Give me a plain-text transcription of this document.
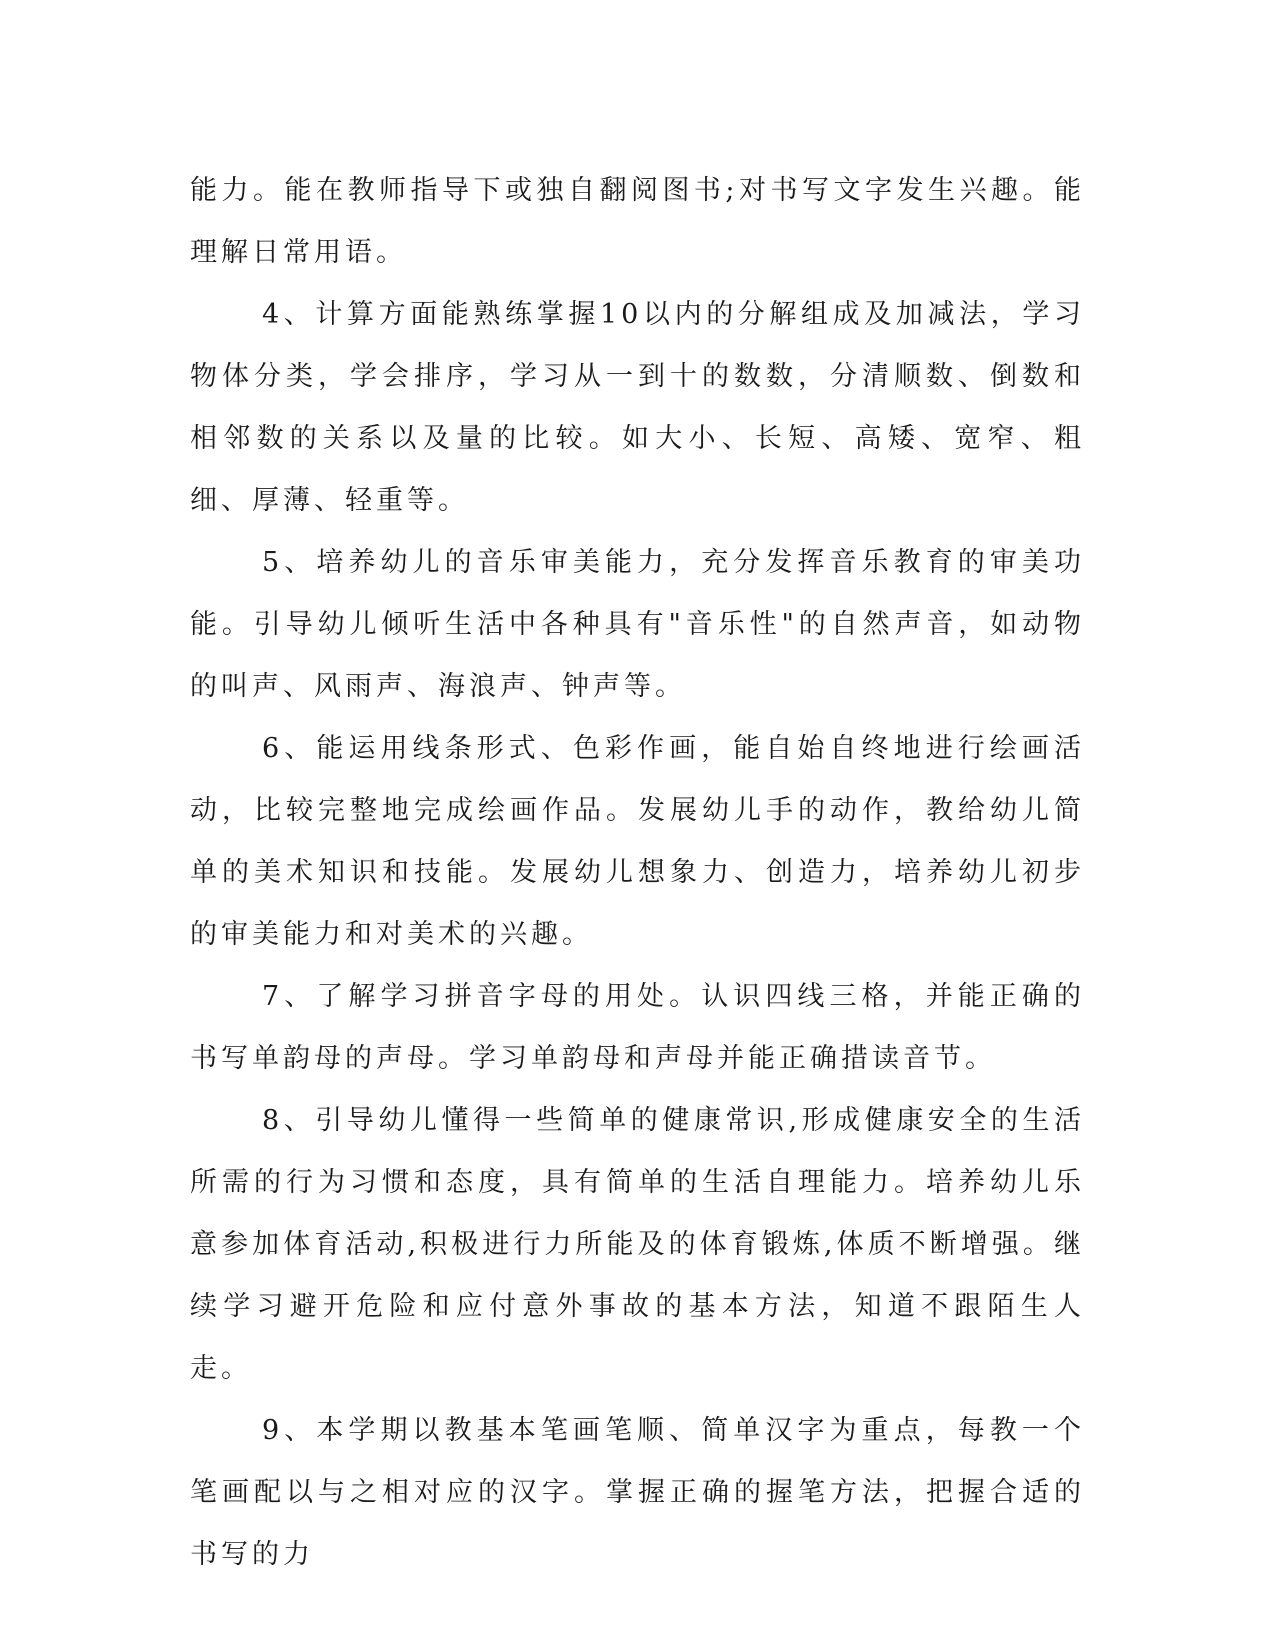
能力。能在教师指导下或独自翻阅图书;对书写文字发生兴趣。能理解日常用语。

4、计算方面能熟练掌握10以内的分解组成及加减法，学习物体分类，学会排序，学习从一到十的数数，分清顺数、倒数和相邻数的关系以及量的比较。如大小、长短、高矮、宽窄、粗细、厚薄、轻重等。

5、培养幼儿的音乐审美能力，充分发挥音乐教育的审美功能。引导幼儿倾听生活中各种具有"音乐性"的自然声音，如动物的叫声、风雨声、海浪声、钟声等。

6、能运用线条形式、色彩作画，能自始自终地进行绘画活动，比较完整地完成绘画作品。发展幼儿手的动作，教给幼儿简单的美术知识和技能。发展幼儿想象力、创造力，培养幼儿初步的审美能力和对美术的兴趣。

7、了解学习拼音字母的用处。认识四线三格，并能正确的书写单韵母的声母。学习单韵母和声母并能正确措读音节。

8、引导幼儿懂得一些简单的健康常识,形成健康安全的生活所需的行为习惯和态度，具有简单的生活自理能力。培养幼儿乐意参加体育活动,积极进行力所能及的体育锻炼,体质不断增强。继续学习避开危险和应付意外事故的基本方法，知道不跟陌生人走。

9、本学期以教基本笔画笔顺、简单汉字为重点，每教一个笔画配以与之相对应的汉字。掌握正确的握笔方法，把握合适的书写的力
